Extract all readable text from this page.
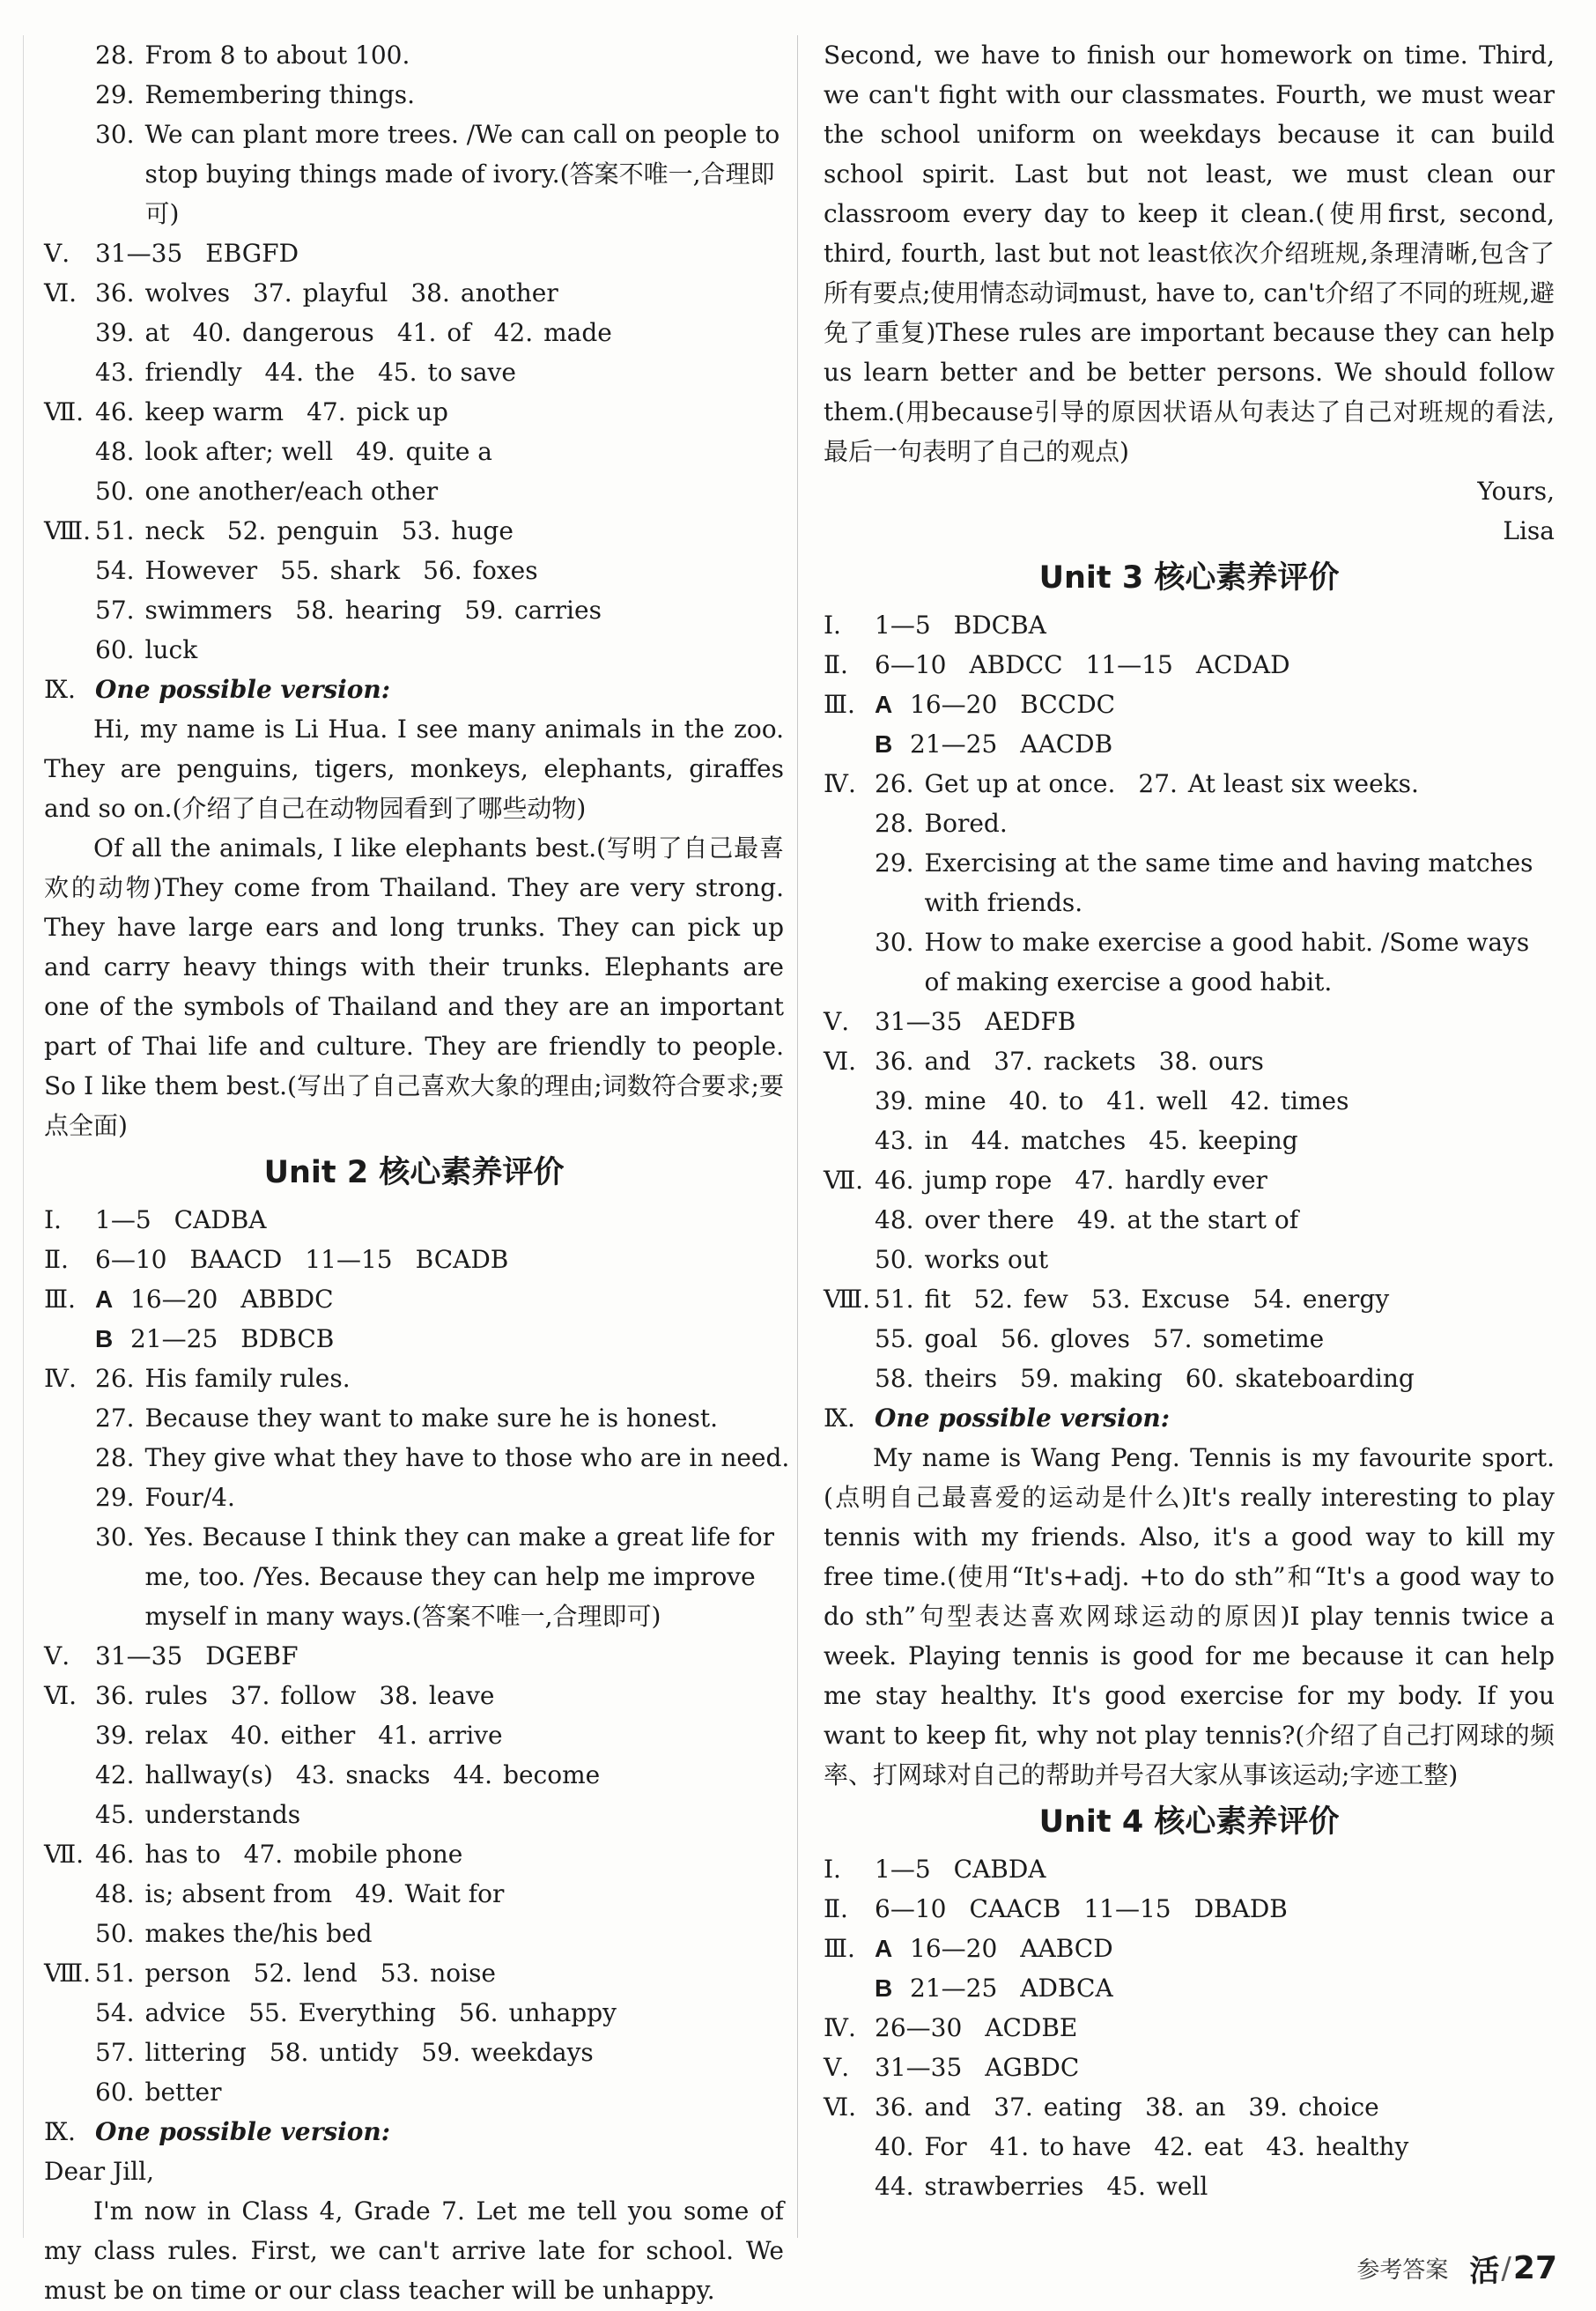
28. From 8 to about 100.
29. Remembering things.
30. We can plant more trees. /We can call on people to stop buying things made of ivory.(答案不唯一,合理即可)
Ⅴ.	31—35 EBGFD
Ⅵ. 36. wolves 37. playful 38. another
39. at 40. dangerous 41. of 42. made
43. friendly 44. the 45. to save
Ⅶ. 46. keep warm 47. pick up
48. look after; well 49. quite a
50. one another/each other
Ⅷ. 51. neck 52. penguin 53. huge
54. However 55. shark 56. foxes
57. swimmers 58. hearing 59. carries
60. luck
Ⅸ. One possible version:
Hi, my name is Li Hua. I see many animals in the zoo. They are penguins, tigers, monkeys, elephants, giraffes and so on.(介绍了自己在动物园看到了哪些动物)
Of all the animals, I like elephants best.(写明了自己最喜欢的动物)They come from Thailand. They are very strong. They have large ears and long trunks. They can pick up and carry heavy things with their trunks. Elephants are one of the symbols of Thailand and they are an important part of Thai life and culture. They are friendly to people. So I like them best.(写出了自己喜欢大象的理由;词数符合要求;要点全面)
Unit 2 核心素养评价
Ⅰ.	1—5 CADBA
Ⅱ.	6—10 BAACD 11—15 BCADB
Ⅲ. A 16—20 ABBDC
B 21—25 BDBCB
Ⅳ. 26. His family rules.
27. Because they want to make sure he is honest.
28. They give what they have to those who are in need.
29. Four/4.
30. Yes. Because I think they can make a great life for me, too. /Yes. Because they can help me improve myself in many ways.(答案不唯一,合理即可)
Ⅴ.	31—35 DGEBF
Ⅵ. 36. rules 37. follow 38. leave
39. relax 40. either 41. arrive
42. hallway(s) 43. snacks 44. become
45. understands
Ⅶ. 46. has to 47. mobile phone
48. is; absent from 49. Wait for
50. makes the/his bed
Ⅷ. 51. person 52. lend 53. noise
54. advice 55. Everything 56. unhappy
57. littering 58. untidy 59. weekdays
60. better
Ⅸ. One possible version:
Dear Jill,
I'm now in Class 4, Grade 7. Let me tell you some of my class rules. First, we can't arrive late for school. We must be on time or our class teacher will be unhappy.
Second, we have to finish our homework on time. Third, we can't fight with our classmates. Fourth, we must wear the school uniform on weekdays because it can build school spirit. Last but not least, we must clean our classroom every day to keep it clean.(使用first, second, third, fourth, last but not least依次介绍班规,条理清晰,包含了所有要点;使用情态动词must, have to, can't介绍了不同的班规,避免了重复)These rules are important because they can help us learn better and be better persons. We should follow them.(用because引导的原因状语从句表达了自己对班规的看法,最后一句表明了自己的观点)
Yours,
Lisa
Unit 3 核心素养评价
Ⅰ.	1—5 BDCBA
Ⅱ.	6—10 ABDCC 11—15 ACDAD
Ⅲ. A 16—20 BCCDC
B 21—25 AACDB
Ⅳ. 26. Get up at once. 27. At least six weeks.
28. Bored.
29. Exercising at the same time and having matches with friends.
30. How to make exercise a good habit. /Some ways of making exercise a good habit.
Ⅴ.	31—35 AEDFB
Ⅵ. 36. and 37. rackets 38. ours
39. mine 40. to 41. well 42. times
43. in 44. matches 45. keeping
Ⅶ. 46. jump rope 47. hardly ever
48. over there 49. at the start of
50. works out
Ⅷ. 51. fit 52. few 53. Excuse 54. energy
55. goal 56. gloves 57. sometime
58. theirs 59. making 60. skateboarding
Ⅸ. One possible version:
My name is Wang Peng. Tennis is my favourite sport.(点明自己最喜爱的运动是什么)It's really interesting to play tennis with my friends. Also, it's a good way to kill my free time.(使用“It's+adj. +to do sth”和“It's a good way to do sth”句型表达喜欢网球运动的原因)I play tennis twice a week. Playing tennis is good for me because it can help me stay healthy. It's good exercise for my body. If you want to keep fit, why not play tennis?(介绍了自己打网球的频率、打网球对自己的帮助并号召大家从事该运动;字迹工整)
Unit 4 核心素养评价
Ⅰ.	1—5 CABDA
Ⅱ.	6—10 CAACB 11—15 DBADB
Ⅲ. A 16—20 AABCD
B 21—25 ADBCA
Ⅳ. 26—30 ACDBE
Ⅴ.	31—35 AGBDC
Ⅵ. 36. and 37. eating 38. an 39. choice
40. For 41. to have 42. eat 43. healthy
44. strawberries 45. well
参考答案 活 / 27
